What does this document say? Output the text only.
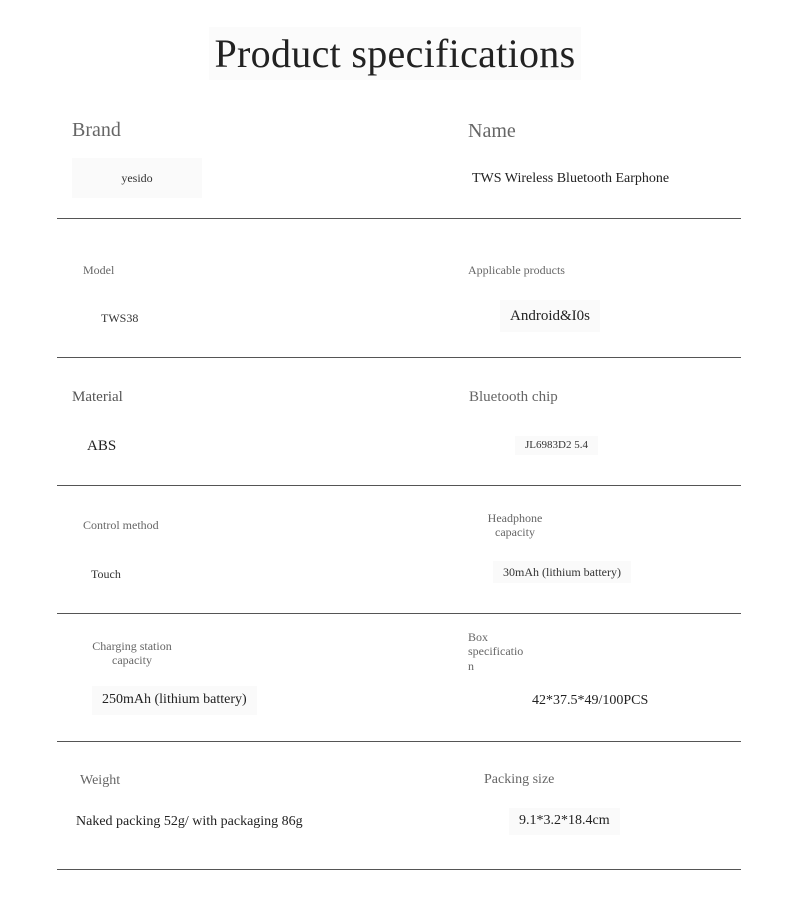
Product specifications
Brand
yesido
Name
TWS Wireless Bluetooth Earphone
Model
TWS38
Applicable products
Android&I0s
Material
ABS
Bluetooth chip
JL6983D2 5.4
Control method
Touch
Headphone
capacity
30mAh (lithium battery)
Charging station
capacity
250mAh (lithium battery)
Box
specificatio
n
42*37.5*49/100PCS
Weight
Naked packing 52g/ with packaging 86g
Packing size
9.1*3.2*18.4cm
